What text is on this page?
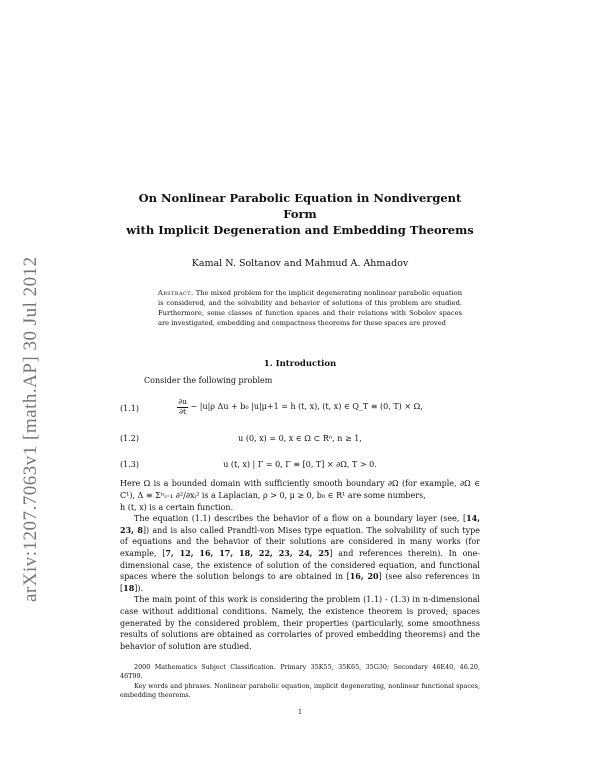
arXiv:1207.7063v1 [math.AP] 30 Jul 2012
On Nonlinear Parabolic Equation in Nondivergent Form
with Implicit Degeneration and Embedding Theorems
Kamal N. Soltanov and Mahmud A. Ahmadov
Abstract. The mixed problem for the implicit degenerating nonlinear parabolic equation is considered, and the solvability and behavior of solutions of this problem are studied. Furthermore, some classes of function spaces and their relations with Sobolev spaces are investigated, embedding and compactness theorems for these spaces are proved
1. Introduction
Consider the following problem
(1.1)	$\frac{\partial u}{\partial t} - |u|\rho$ Δu + b₀ |u|μ+1 = h (t, x), (t, x) ∈ Q_T ≡ (0, T) × Ω,
(1.2)	u (0, x) = 0, x ∈ Ω ⊂ Rⁿ, n ≥ 1,
(1.3)	u (t, x) | Γ = 0, Γ ≡ [0, T] × ∂Ω, T > 0.

Here Ω is a bounded domain with sufficiently smooth boundary ∂Ω (for example, ∂Ω ∈ C¹), Δ ≡ Σⁿᵢ₌₁ ∂²/∂xᵢ² is a Laplacian, ρ > 0, μ ≥ 0, b₀ ∈ R¹ are some numbers,
h (t, x) is a certain function.

The equation (1.1) describes the behavior of a flow on a boundary layer (see, [14, 23, 8]) and is also called Prandtl-von Mises type equation. The solvability of such type of equations and the behavior of their solutions are considered in many works (for example, [7, 12, 16, 17, 18, 22, 23, 24, 25] and references therein). In one-dimensional case, the existence of solution of the considered equation, and functional spaces where the solution belongs to are obtained in [16, 20] (see also references in [18]).

The main point of this work is considering the problem (1.1) - (1.3) in n-dimensional case without additional conditions. Namely, the existence theorem is proved; spaces generated by the considered problem, their properties (particularly, some smoothness results of solutions are obtained as corrolaries of proved embedding theorems) and the behavior of solution are studied.

2000 Mathematics Subject Classification. Primary 35K55, 35K65, 35G30; Secondary 46E40, 46.20, 46T99.

Key words and phrases. Nonlinear parabolic equation, implicit degenerating, nonlinear functional spaces, embedding theorems.

1
